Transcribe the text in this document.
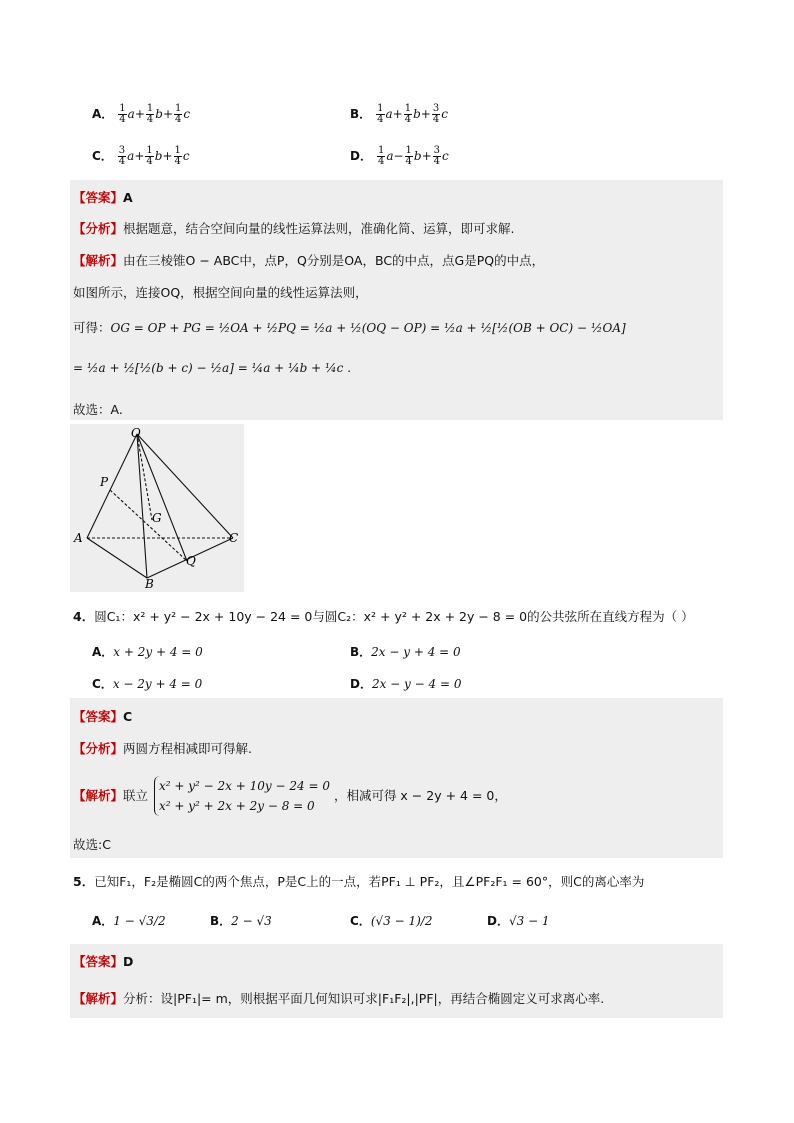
A． $\frac{1}{4} a+ \frac{1}{4} b+ \frac{1}{4}$ c	B． $\frac{1}{4} a+ \frac{1}{4} b+ \frac{3}{4}$ c
C． $\frac{3}{4} a+ \frac{1}{4} b+ \frac{1}{4}$ c	D． $\frac{1}{4} a- \frac{1}{4} b+ \frac{3}{4}$ c
【答案】A
【分析】根据题意，结合空间向量的线性运算法则，准确化简、运算，即可求解.
【解析】由在三棱锥O − ABC中，点P，Q分别是OA，BC的中点，点G是PQ的中点，
如图所示，连接OQ，根据空间向量的线性运算法则，
可得：OG = OP + PG = ½OA + ½PQ = ½a + ½(OQ − OP) = ½a + ½[½(OB + OC) − ½OA]
= ½a + ½[½(b + c) − ½a] = ¼a + ¼b + ¼c .
故选：A.
O
P
G
A	C
Q
B
4．圆C₁：x² + y² − 2x + 10y − 24 = 0与圆C₂：x² + y² + 2x + 2y − 8 = 0的公共弦所在直线方程为（ ）
A．x + 2y + 4 = 0	B．2x − y + 4 = 0
C．x − 2y + 4 = 0	D．2x − y − 4 = 0
【答案】C
【分析】两圆方程相减即可得解.
【解析】联立
x² + y² − 2x + 10y − 24 = 0
x² + y² + 2x + 2y − 8 = 0
，相减可得 x − 2y + 4 = 0，
故选:C
5．已知F₁，F₂是椭圆C的两个焦点，P是C上的一点，若PF₁ ⊥ PF₂，且∠PF₂F₁ = 60°，则C的离心率为
A．1 − √3/2	B．2 − √3	C．(√3 − 1)/2	D．√3 − 1
【答案】D
【解析】分析：设|PF₁|= m，则根据平面几何知识可求|F₁F₂|,|PF|，再结合椭圆定义可求离心率.
